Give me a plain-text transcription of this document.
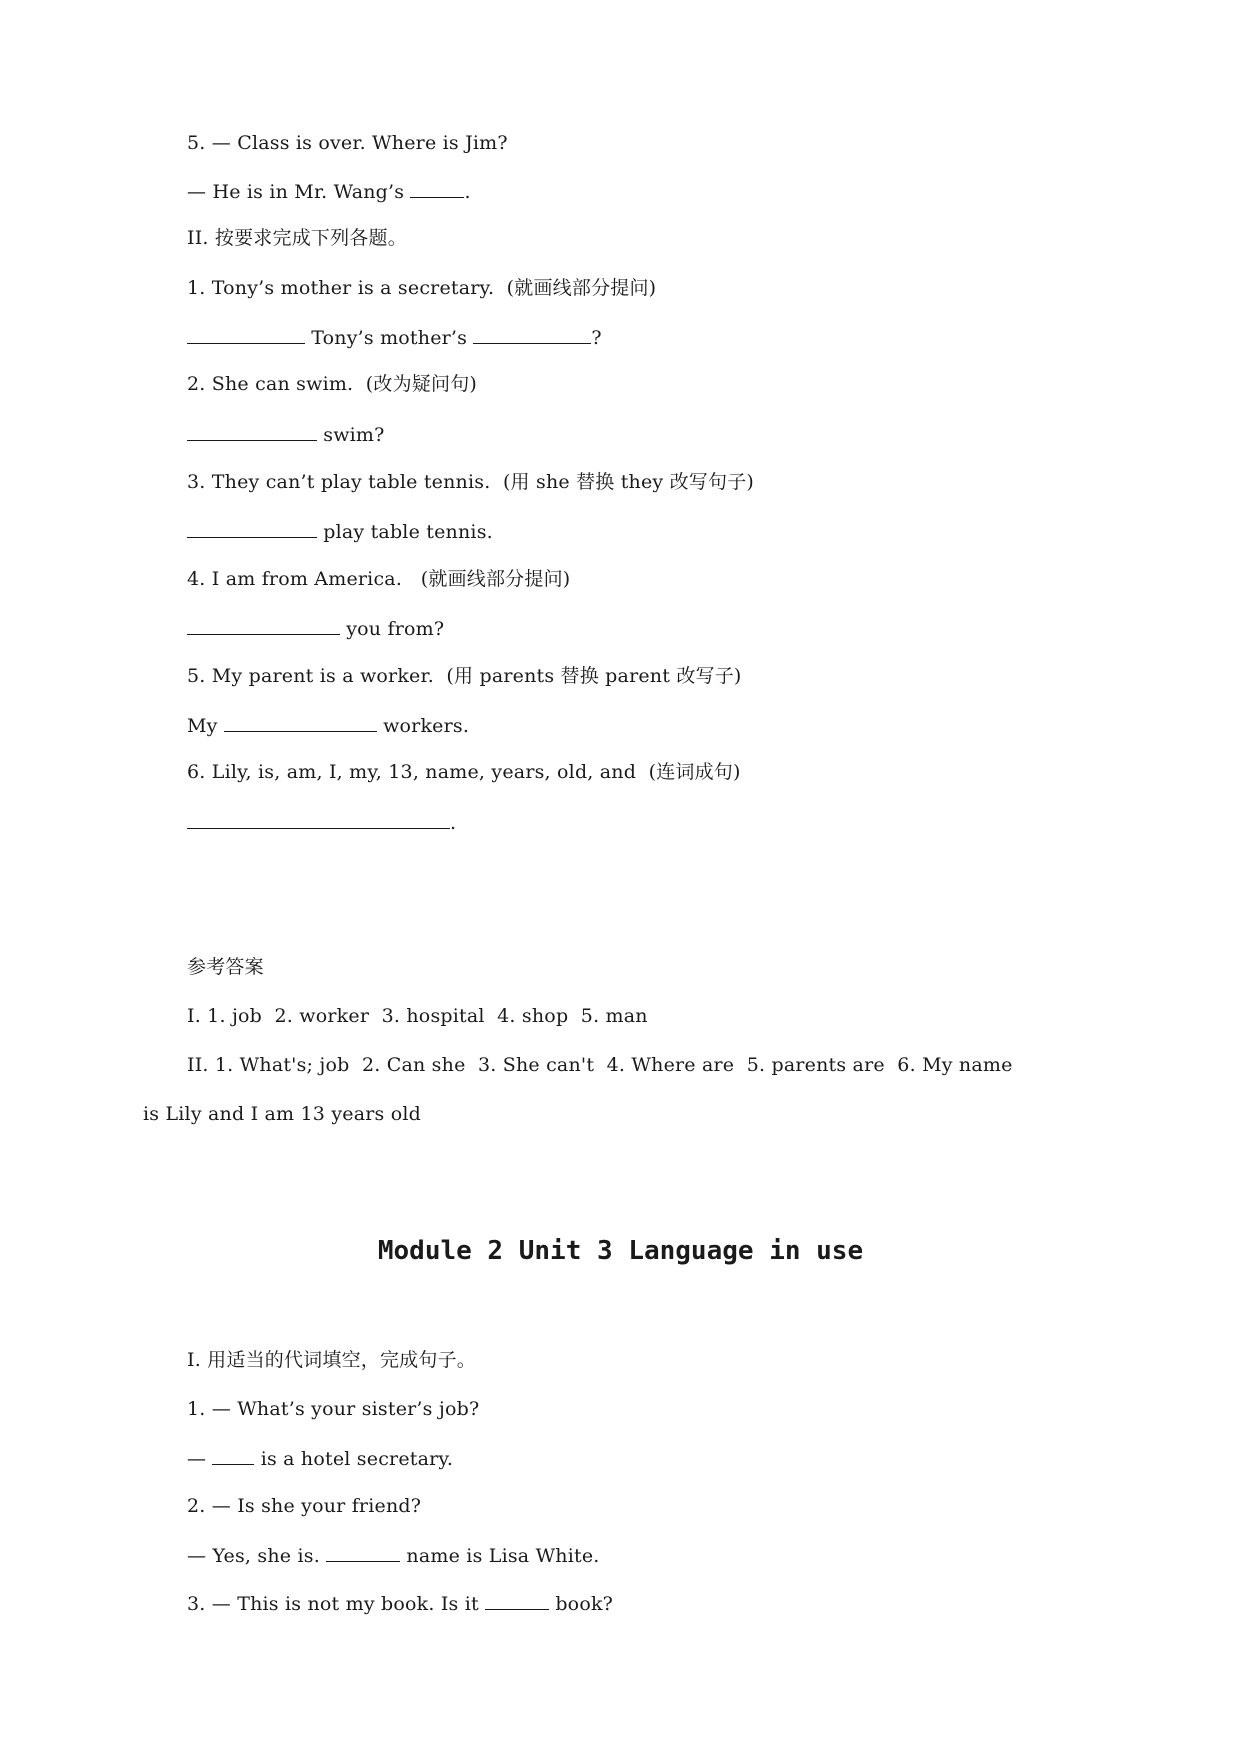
5. — Class is over. Where is Jim?
— He is in Mr. Wang’s	.
II. 按要求完成下列各题。
1. Tony’s mother is a secretary.  (就画线部分提问)
Tony’s mother’s	?
2. She can swim.  (改为疑问句)
swim?
3. They can’t play table tennis.  (用 she 替换 they 改写句子)
play table tennis.
4. I am from America.   (就画线部分提问)
you from?
5. My parent is a worker.  (用 parents 替换 parent 改写子)
My	workers.
6. Lily, is, am, I, my, 13, name, years, old, and  (连词成句)
.
参考答案
I. 1. job  2. worker  3. hospital  4. shop  5. man
II. 1. What's; job  2. Can she  3. She can't  4. Where are  5. parents are  6. My name
is Lily and I am 13 years old
Module 2 Unit 3 Language in use
I. 用适当的代词填空，完成句子。
1. — What’s your sister’s job?
—  is a hotel secretary.
2. — Is she your friend?
— Yes, she is.	name is Lisa White.
3. — This is not my book. Is it	book?
